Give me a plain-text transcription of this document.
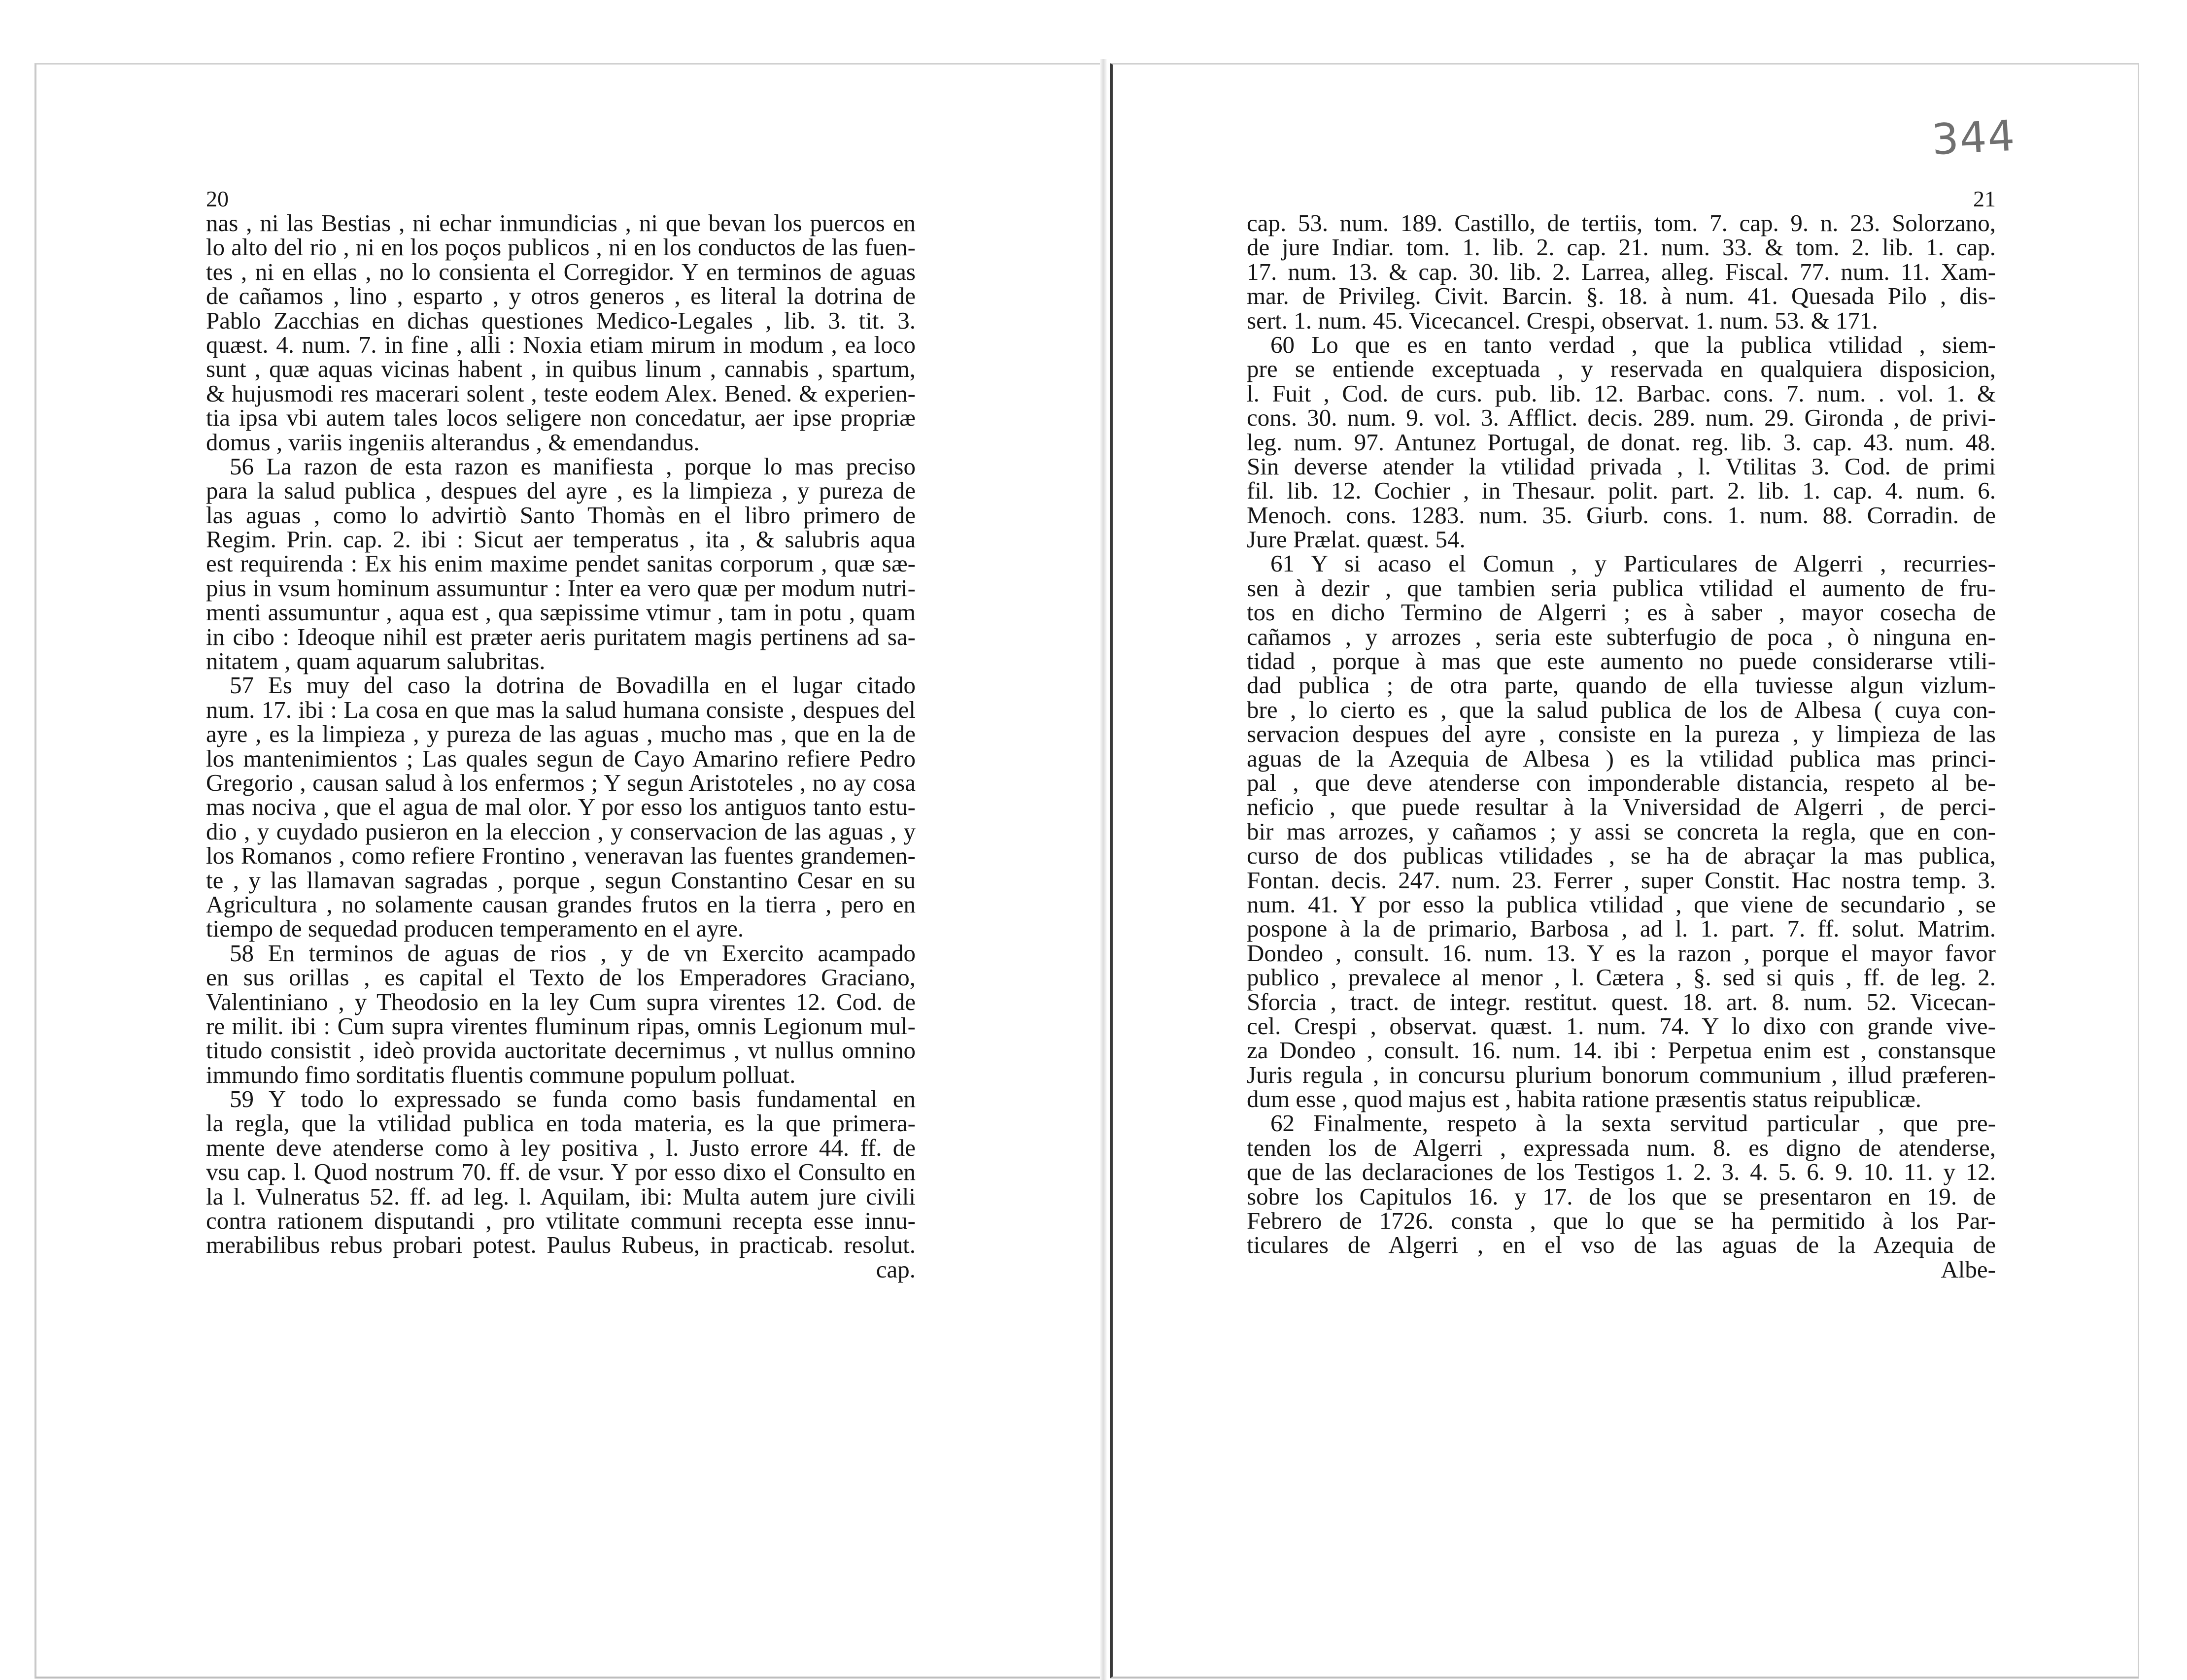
344
20
nas , ni las Bestias , ni echar inmundicias , ni que bevan los puercos en
lo alto del rio , ni en los poços publicos , ni en los conductos de las fuen-
tes , ni en ellas , no lo consienta el Corregidor. Y en terminos de aguas
de cañamos , lino , esparto , y otros generos , es literal la dotrina de
Pablo Zacchias en dichas questiones Medico-Legales , lib. 3. tit. 3.
quæst. 4. num. 7. in fine , alli : Noxia etiam mirum in modum , ea loco
sunt , quæ aquas vicinas habent , in quibus linum , cannabis , spartum,
& hujusmodi res macerari solent , teste eodem Alex. Bened. & experien-
tia ipsa vbi autem tales locos seligere non concedatur, aer ipse propriæ
domus , variis ingeniis alterandus , & emendandus.
56 La razon de esta razon es manifiesta , porque lo mas preciso
para la salud publica , despues del ayre , es la limpieza , y pureza de
las aguas , como lo advirtiò Santo Thomàs en el libro primero de
Regim. Prin. cap. 2. ibi : Sicut aer temperatus , ita , & salubris aqua
est requirenda : Ex his enim maxime pendet sanitas corporum , quæ sæ-
pius in vsum hominum assumuntur : Inter ea vero quæ per modum nutri-
menti assumuntur , aqua est , qua sæpissime vtimur , tam in potu , quam
in cibo : Ideoque nihil est præter aeris puritatem magis pertinens ad sa-
nitatem , quam aquarum salubritas.
57 Es muy del caso la dotrina de Bovadilla en el lugar citado
num. 17. ibi : La cosa en que mas la salud humana consiste , despues del
ayre , es la limpieza , y pureza de las aguas , mucho mas , que en la de
los mantenimientos ; Las quales segun de Cayo Amarino refiere Pedro
Gregorio , causan salud à los enfermos ; Y segun Aristoteles , no ay cosa
mas nociva , que el agua de mal olor. Y por esso los antiguos tanto estu-
dio , y cuydado pusieron en la eleccion , y conservacion de las aguas , y
los Romanos , como refiere Frontino , veneravan las fuentes grandemen-
te , y las llamavan sagradas , porque , segun Constantino Cesar en su
Agricultura , no solamente causan grandes frutos en la tierra , pero en
tiempo de sequedad producen temperamento en el ayre.
58 En terminos de aguas de rios , y de vn Exercito acampado
en sus orillas , es capital el Texto de los Emperadores Graciano,
Valentiniano , y Theodosio en la ley Cum supra virentes 12. Cod. de
re milit. ibi : Cum supra virentes fluminum ripas, omnis Legionum mul-
titudo consistit , ideò provida auctoritate decernimus , vt nullus omnino
immundo fimo sorditatis fluentis commune populum polluat.
59 Y todo lo expressado se funda como basis fundamental en
la regla, que la vtilidad publica en toda materia, es la que primera-
mente deve atenderse como à ley positiva , l. Justo errore 44. ff. de
vsu cap. l. Quod nostrum 70. ff. de vsur. Y por esso dixo el Consulto en
la l. Vulneratus 52. ff. ad leg. l. Aquilam, ibi: Multa autem jure civili
contra rationem disputandi , pro vtilitate communi recepta esse innu-
merabilibus rebus probari potest. Paulus Rubeus, in practicab. resolut.
cap.
21
cap. 53. num. 189. Castillo, de tertiis, tom. 7. cap. 9. n. 23. Solorzano,
de jure Indiar. tom. 1. lib. 2. cap. 21. num. 33. & tom. 2. lib. 1. cap.
17. num. 13. & cap. 30. lib. 2. Larrea, alleg. Fiscal. 77. num. 11. Xam-
mar. de Privileg. Civit. Barcin. §. 18. à num. 41. Quesada Pilo , dis-
sert. 1. num. 45. Vicecancel. Crespi, observat. 1. num. 53. & 171.
60 Lo que es en tanto verdad , que la publica vtilidad , siem-
pre se entiende exceptuada , y reservada en qualquiera disposicion,
l. Fuit , Cod. de curs. pub. lib. 12. Barbac. cons. 7. num. . vol. 1. &
cons. 30. num. 9. vol. 3. Afflict. decis. 289. num. 29. Gironda , de privi-
leg. num. 97. Antunez Portugal, de donat. reg. lib. 3. cap. 43. num. 48.
Sin deverse atender la vtilidad privada , l. Vtilitas 3. Cod. de primi
fil. lib. 12. Cochier , in Thesaur. polit. part. 2. lib. 1. cap. 4. num. 6.
Menoch. cons. 1283. num. 35. Giurb. cons. 1. num. 88. Corradin. de
Jure Prælat. quæst. 54.
61 Y si acaso el Comun , y Particulares de Algerri , recurries-
sen à dezir , que tambien seria publica vtilidad el aumento de fru-
tos en dicho Termino de Algerri ; es à saber , mayor cosecha de
cañamos , y arrozes , seria este subterfugio de poca , ò ninguna en-
tidad , porque à mas que este aumento no puede considerarse vtili-
dad publica ; de otra parte, quando de ella tuviesse algun vizlum-
bre , lo cierto es , que la salud publica de los de Albesa ( cuya con-
servacion despues del ayre , consiste en la pureza , y limpieza de las
aguas de la Azequia de Albesa ) es la vtilidad publica mas princi-
pal , que deve atenderse con imponderable distancia, respeto al be-
neficio , que puede resultar à la Vniversidad de Algerri , de perci-
bir mas arrozes, y cañamos ; y assi se concreta la regla, que en con-
curso de dos publicas vtilidades , se ha de abraçar la mas publica,
Fontan. decis. 247. num. 23. Ferrer , super Constit. Hac nostra temp. 3.
num. 41. Y por esso la publica vtilidad , que viene de secundario , se
pospone à la de primario, Barbosa , ad l. 1. part. 7. ff. solut. Matrim.
Dondeo , consult. 16. num. 13. Y es la razon , porque el mayor favor
publico , prevalece al menor , l. Cætera , §. sed si quis , ff. de leg. 2.
Sforcia , tract. de integr. restitut. quest. 18. art. 8. num. 52. Vicecan-
cel. Crespi , observat. quæst. 1. num. 74. Y lo dixo con grande vive-
za Dondeo , consult. 16. num. 14. ibi : Perpetua enim est , constansque
Juris regula , in concursu plurium bonorum communium , illud præferen-
dum esse , quod majus est , habita ratione præsentis status reipublicæ.
62 Finalmente, respeto à la sexta servitud particular , que pre-
tenden los de Algerri , expressada num. 8. es digno de atenderse,
que de las declaraciones de los Testigos 1. 2. 3. 4. 5. 6. 9. 10. 11. y 12.
sobre los Capitulos 16. y 17. de los que se presentaron en 19. de
Febrero de 1726. consta , que lo que se ha permitido à los Par-
ticulares de Algerri , en el vso de las aguas de la Azequia de
Albe-
